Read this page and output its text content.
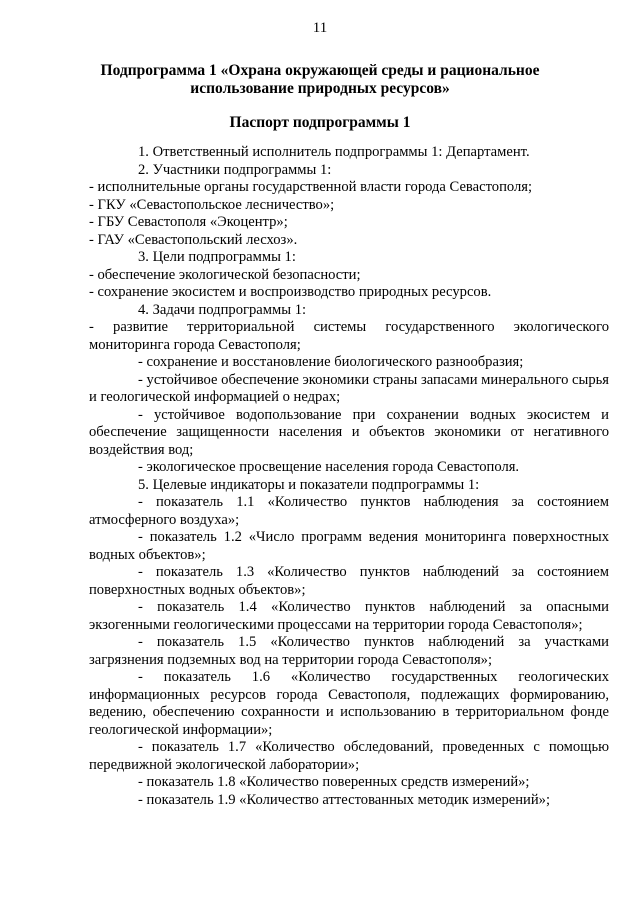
11
Подпрограмма 1 «Охрана окружающей среды и рациональное использование природных ресурсов»
Паспорт подпрограммы 1

1. Ответственный исполнитель подпрограммы 1: Департамент.

2. Участники подпрограммы 1:

- исполнительные органы государственной власти города Севастополя;

- ГКУ «Севастопольское лесничество»;

- ГБУ Севастополя «Экоцентр»;

- ГАУ «Севастопольский лесхоз».

3. Цели подпрограммы 1:

- обеспечение экологической безопасности;

- сохранение экосистем и воспроизводство природных ресурсов.

4. Задачи подпрограммы 1:

- развитие территориальной системы государственного экологического мониторинга города Севастополя;

- сохранение и восстановление биологического разнообразия;

- устойчивое обеспечение экономики страны запасами минерального сырья и геологической информацией о недрах;

- устойчивое водопользование при сохранении водных экосистем и обеспечение защищенности населения и объектов экономики от негативного воздействия вод;

- экологическое просвещение населения города Севастополя.

5. Целевые индикаторы и показатели подпрограммы 1:

- показатель 1.1 «Количество пунктов наблюдения за состоянием атмосферного воздуха»;

- показатель 1.2 «Число программ ведения мониторинга поверхностных водных объектов»;

- показатель 1.3 «Количество пунктов наблюдений за состоянием поверхностных водных объектов»;

- показатель 1.4 «Количество пунктов наблюдений за опасными экзогенными геологическими процессами на территории города Севастополя»;

- показатель 1.5 «Количество пунктов наблюдений за участками загрязнения подземных вод на территории города Севастополя»;

- показатель 1.6 «Количество государственных геологических информационных ресурсов города Севастополя, подлежащих формированию, ведению, обеспечению сохранности и использованию в территориальном фонде геологической информации»;

- показатель 1.7 «Количество обследований, проведенных с помощью передвижной экологической лаборатории»;

- показатель 1.8 «Количество поверенных средств измерений»;

- показатель 1.9 «Количество аттестованных методик измерений»;
